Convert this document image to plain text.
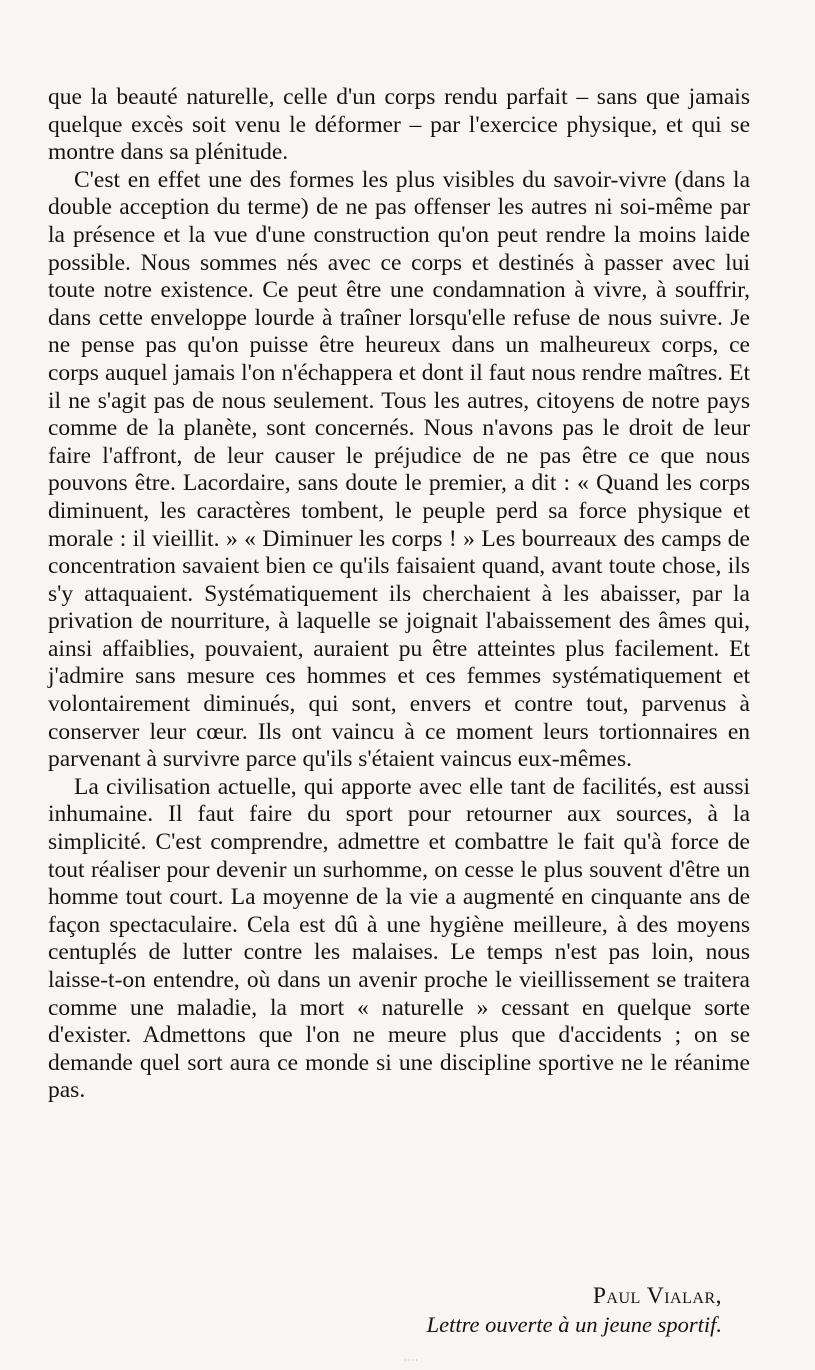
que la beauté naturelle, celle d'un corps rendu parfait – sans que jamais quelque excès soit venu le déformer – par l'exercice physique, et qui se montre dans sa plénitude.

C'est en effet une des formes les plus visibles du savoir-vivre (dans la double acception du terme) de ne pas offenser les autres ni soi-même par la présence et la vue d'une construction qu'on peut rendre la moins laide possible. Nous sommes nés avec ce corps et destinés à passer avec lui toute notre existence. Ce peut être une condamnation à vivre, à souffrir, dans cette enveloppe lourde à traîner lorsqu'elle refuse de nous suivre. Je ne pense pas qu'on puisse être heureux dans un malheureux corps, ce corps auquel jamais l'on n'échappera et dont il faut nous rendre maîtres. Et il ne s'agit pas de nous seulement. Tous les autres, citoyens de notre pays comme de la planète, sont concernés. Nous n'avons pas le droit de leur faire l'affront, de leur causer le préjudice de ne pas être ce que nous pouvons être. Lacordaire, sans doute le premier, a dit : « Quand les corps diminuent, les caractères tombent, le peuple perd sa force physique et morale : il vieillit. » « Diminuer les corps ! » Les bourreaux des camps de concentration savaient bien ce qu'ils faisaient quand, avant toute chose, ils s'y attaquaient. Systématiquement ils cherchaient à les abaisser, par la privation de nourriture, à laquelle se joignait l'abaissement des âmes qui, ainsi affaiblies, pouvaient, auraient pu être atteintes plus facilement. Et j'admire sans mesure ces hommes et ces femmes systématiquement et volontairement diminués, qui sont, envers et contre tout, parvenus à conserver leur cœur. Ils ont vaincu à ce moment leurs tortionnaires en parvenant à survivre parce qu'ils s'étaient vaincus eux-mêmes.

La civilisation actuelle, qui apporte avec elle tant de facilités, est aussi inhumaine. Il faut faire du sport pour retourner aux sources, à la simplicité. C'est comprendre, admettre et combattre le fait qu'à force de tout réaliser pour devenir un surhomme, on cesse le plus souvent d'être un homme tout court. La moyenne de la vie a augmenté en cinquante ans de façon spectaculaire. Cela est dû à une hygiène meilleure, à des moyens centuplés de lutter contre les malaises. Le temps n'est pas loin, nous laisse-t-on entendre, où dans un avenir proche le vieillissement se traitera comme une maladie, la mort « naturelle » cessant en quelque sorte d'exister. Admettons que l'on ne meure plus que d'accidents ; on se demande quel sort aura ce monde si une discipline sportive ne le réanime pas.

Paul Vialar,
Lettre ouverte à un jeune sportif.
····
